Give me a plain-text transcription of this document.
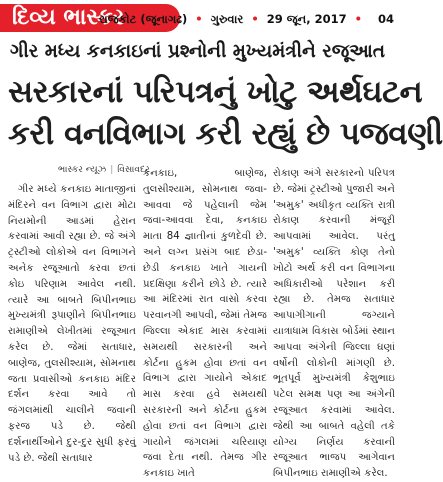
દિવ્ય ભાસ્કર
રાજકોટ (જૂનાગઢ) • ગુરુવાર • 29 જૂન, 2017 • 04
ગીર મધ્ય કનકાઇનાં પ્રશ્નોની મુખ્યમંત્રીને રજૂઆત
સરકારનાં પરિપત્રનું ખોટુ અર્થઘટન
કરી વનવિભાગ કરી રહ્યું છે પજવણી
ભાસ્કર ન્યૂઝ | વિસાવદર

ગીર મધ્યે કનકાઇ માતાજીનાં મંદિરને વન વિભાગ દ્વારા મોટા નિયમોની આડમાં હેરાન કરવામાં આવી રહ્યા છે. જે અંગે ટ્રસ્ટીઓ લોકોએ વન વિભાગને અનેક રજૂઆતો કરવા છતાં કોઇ પરિણામ આવેલ નથી. ત્યારે આ બાબતે બિપીનભાઇ મુખ્યમંત્રી રૂપાણીને બિપીનભાઇ રામાણીએ લેખીતમાં રજૂઆત કરેલ છે. જેમાં સતાધાર, બાણેજ, તુલસીશ્યામ, સોમનાથ જતા પ્રવાસીઓ કનકાઇ મંદિર દર્શન કરવા આવે તો જંગલમાંથી ચાલીને જવાની ફરજ પડે છે. જેથી દર્શનાર્થીઓને દુર-દુર સુધી ફરવું પડે છે. જેથી સતાધાર

કનકાઇ, બાણેજ, તુલસીશ્યામ, સોમનાથ જવા-આવવા જે પહેલાની જેમ જવા-આવવા દેવા, કનકાઇ માતા 84 જ્ઞાતીનાં કુળદેવી છે. અને લગ્ન પ્રસંગ બાદ છેડા-છેડી કનકાઇ ખાતે ગાયની પ્રદક્ષિણા કરીને છોડે છે. ત્યારે આ મંદિરમાં રાત વાસો કરવા પરવાનગી આપવી, જેમાં તેમજ જિલ્લા એકાદ માસ કરવામાં સમયથી સરકારની અને કોર્ટના હુકમ હોવા છતાં વન વિભાગ દ્વારા ગાયોને એકાદ માસ કરવા હવે સમયથી સરકારની અને કોર્ટના હુકમ હોવા છતાં વન વિભાગ દ્વારા ગાયોને જંગલમાં ચરિયાણ જવા દેતા નથી. તેમજ ગીર કનકાઇ ખાતે

રોકાણ અંગે સરકારનો પરિપત્ર છે. જેમાં ટ્રસ્ટીઓ પુજારી અને 'અમુક' અધીકૃત વ્યક્તિ રાત્રી રોકાણ કરવાની મંજૂરી આપવામાં આવેલ. પરંતુ 'અમુક' વ્યક્તિ કોણ તેનો ખોટો અર્થ કરી વન વિભાગના અધિકારીઓ પરેશાન કરી રહ્યા છે. તેમજ સતાધાર આપાગીગાની જગ્યાને યાત્રાધામ વિકાસ બોર્ડમાં સ્થાન આપવા અંગેની જિલ્લા ઘણાં વર્ષોની લોકોની માંગણી છે. ભૂતપૂર્વ મુખ્યમંત્રી કેશુભાઇ પટેલ સમક્ષ પણ આ અંગેની રજૂઆત કરવામાં આવેલ. જેથી આ બાબતે વહેલી તકે યોગ્ય નિર્ણય કરવાની રજૂઆત ભાજપ આગેવાન બિપીનભાઇ રામાણીએ કરેલ.
